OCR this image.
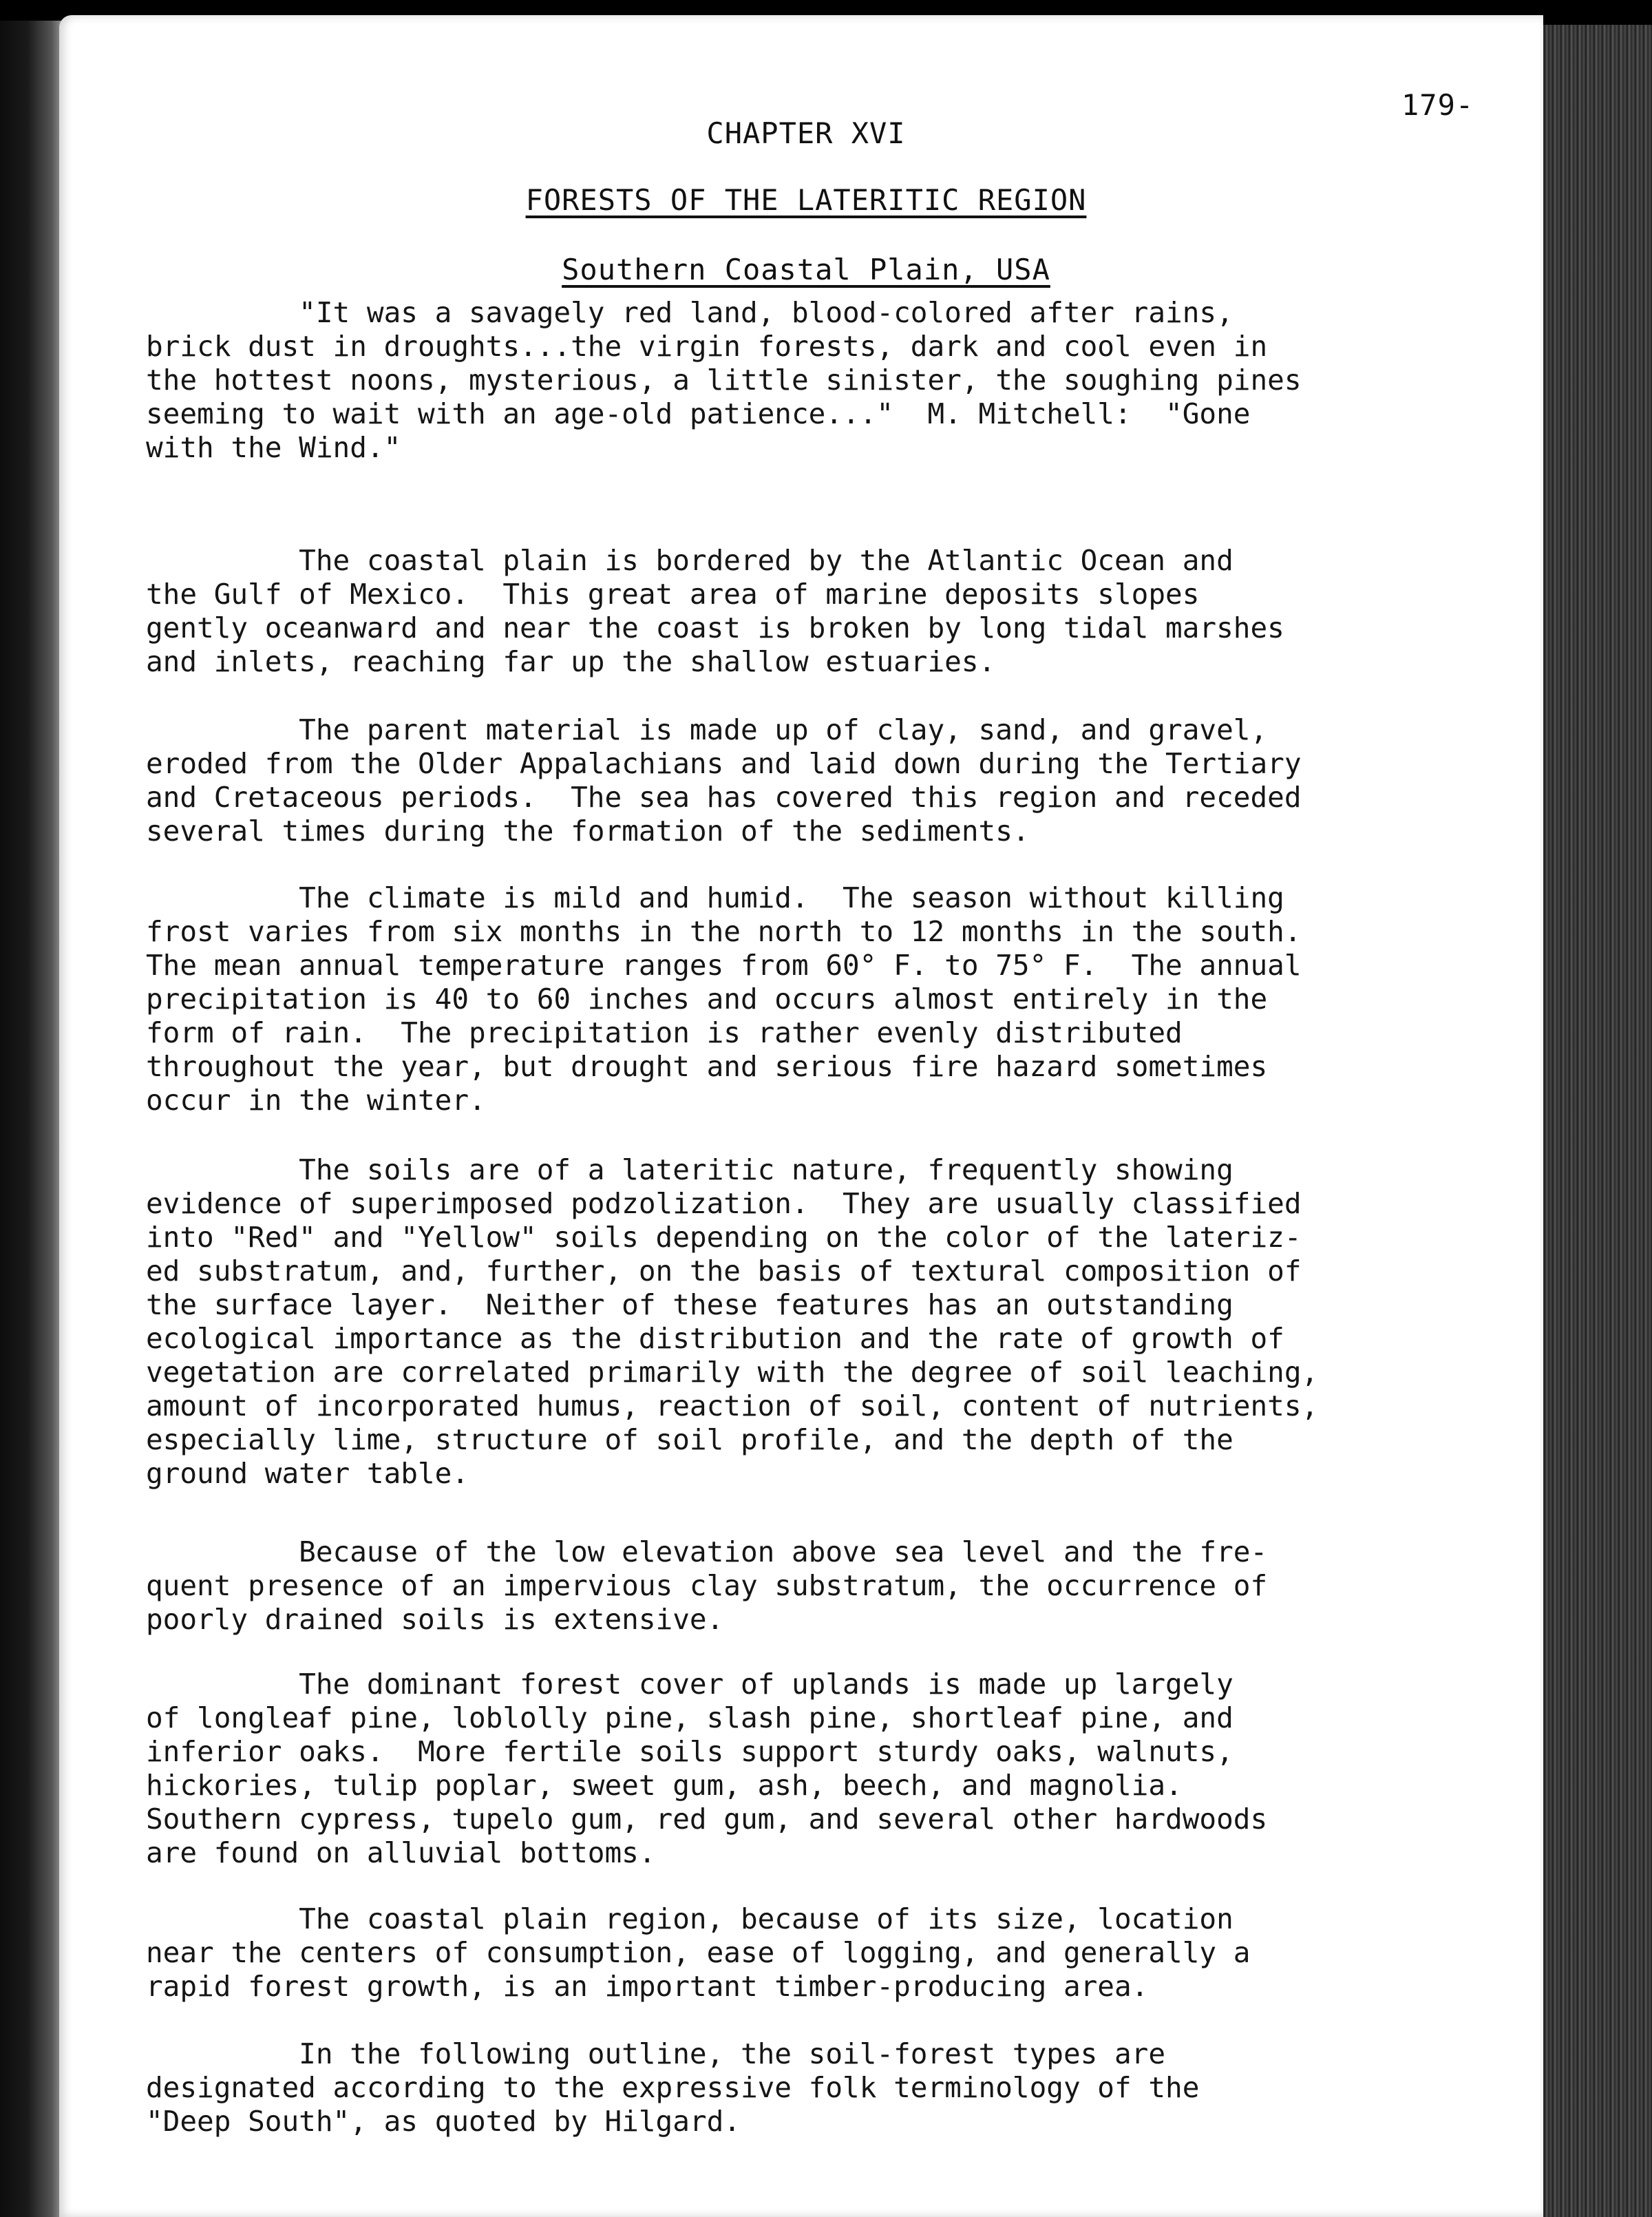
179-
CHAPTER XVI
FORESTS OF THE LATERITIC REGION
Southern Coastal Plain, USA
"It was a savagely red land, blood-colored after rains,
brick dust in droughts...the virgin forests, dark and cool even in
the hottest noons, mysterious, a little sinister, the soughing pines
seeming to wait with an age-old patience..."  M. Mitchell:  "Gone
with the Wind."
The coastal plain is bordered by the Atlantic Ocean and
the Gulf of Mexico.  This great area of marine deposits slopes
gently oceanward and near the coast is broken by long tidal marshes
and inlets, reaching far up the shallow estuaries.
The parent material is made up of clay, sand, and gravel,
eroded from the Older Appalachians and laid down during the Tertiary
and Cretaceous periods.  The sea has covered this region and receded
several times during the formation of the sediments.
The climate is mild and humid.  The season without killing
frost varies from six months in the north to 12 months in the south.
The mean annual temperature ranges from 60° F. to 75° F.  The annual
precipitation is 40 to 60 inches and occurs almost entirely in the
form of rain.  The precipitation is rather evenly distributed
throughout the year, but drought and serious fire hazard sometimes
occur in the winter.
The soils are of a lateritic nature, frequently showing
evidence of superimposed podzolization.  They are usually classified
into "Red" and "Yellow" soils depending on the color of the lateriz-
ed substratum, and, further, on the basis of textural composition of
the surface layer.  Neither of these features has an outstanding
ecological importance as the distribution and the rate of growth of
vegetation are correlated primarily with the degree of soil leaching,
amount of incorporated humus, reaction of soil, content of nutrients,
especially lime, structure of soil profile, and the depth of the
ground water table.
Because of the low elevation above sea level and the fre-
quent presence of an impervious clay substratum, the occurrence of
poorly drained soils is extensive.
The dominant forest cover of uplands is made up largely
of longleaf pine, loblolly pine, slash pine, shortleaf pine, and
inferior oaks.  More fertile soils support sturdy oaks, walnuts,
hickories, tulip poplar, sweet gum, ash, beech, and magnolia.
Southern cypress, tupelo gum, red gum, and several other hardwoods
are found on alluvial bottoms.
The coastal plain region, because of its size, location
near the centers of consumption, ease of logging, and generally a
rapid forest growth, is an important timber-producing area.
In the following outline, the soil-forest types are
designated according to the expressive folk terminology of the
"Deep South", as quoted by Hilgard.
